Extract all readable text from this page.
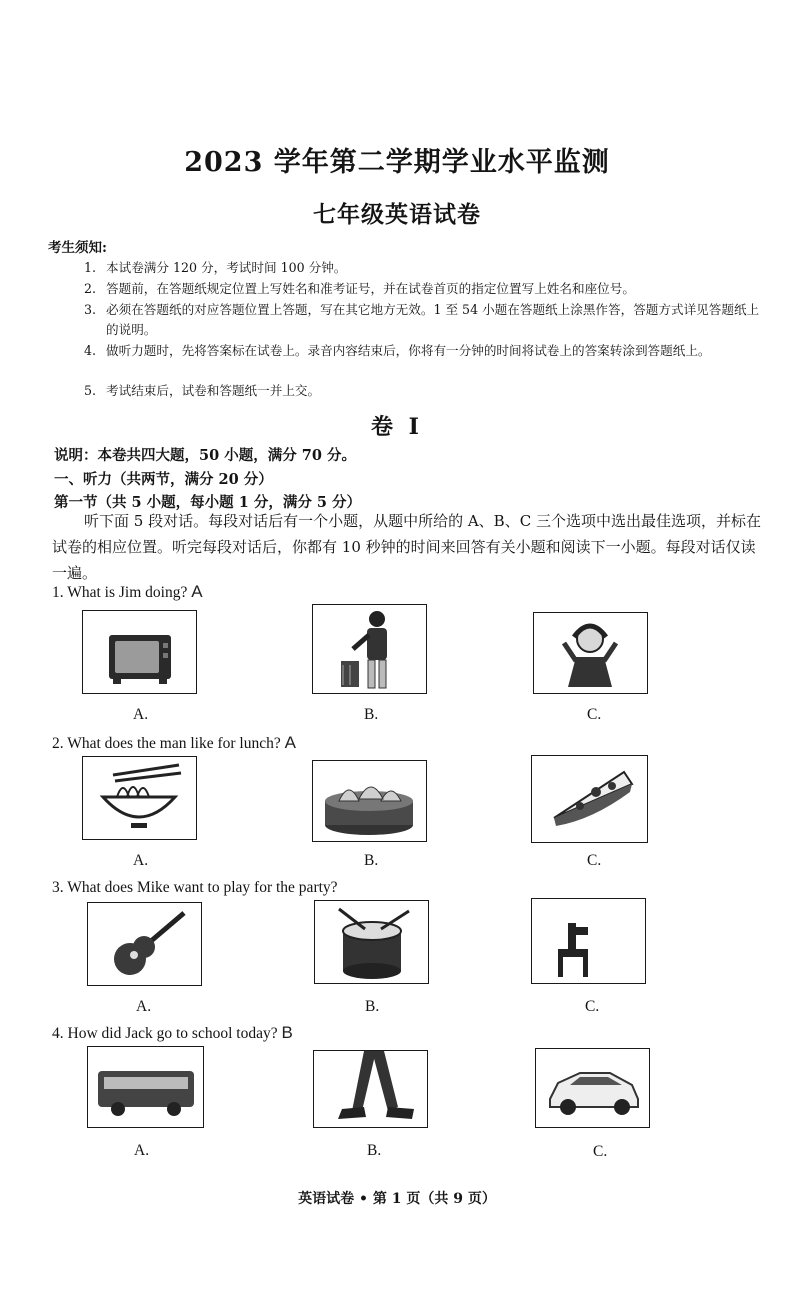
2023 学年第二学期学业水平监测
七年级英语试卷
考生须知:
1. 本试卷满分 120 分，考试时间 100 分钟。
2. 答题前，在答题纸规定位置上写姓名和准考证号，并在试卷首页的指定位置写上姓名和座位号。
3. 必须在答题纸的对应答题位置上答题，写在其它地方无效。1 至 54 小题在答题纸上涂黑作答，答题方式详见答题纸上的说明。
4. 做听力题时，先将答案标在试卷上。录音内容结束后，你将有一分钟的时间将试卷上的答案转涂到答题纸上。
5. 考试结束后，试卷和答题纸一并上交。
卷 I
说明：本卷共四大题，50 小题，满分 70 分。
一、听力（共两节，满分 20 分）
第一节（共 5 小题，每小题 1 分，满分 5 分）
听下面 5 段对话。每段对话后有一个小题，从题中所给的 A、B、C 三个选项中选出最佳选项，并标在试卷的相应位置。听完每段对话后，你都有 10 秒钟的时间来回答有关小题和阅读下一小题。每段对话仅读一遍。
1. What is Jim doing? A
A.	B.	C.
2. What does the man like for lunch? A
A.	B.	C.
3. What does Mike want to play for the party?
A.	B.	C.
4. How did Jack go to school today? B
A.	B.	C.
英语试卷 • 第 1 页（共 9 页）
